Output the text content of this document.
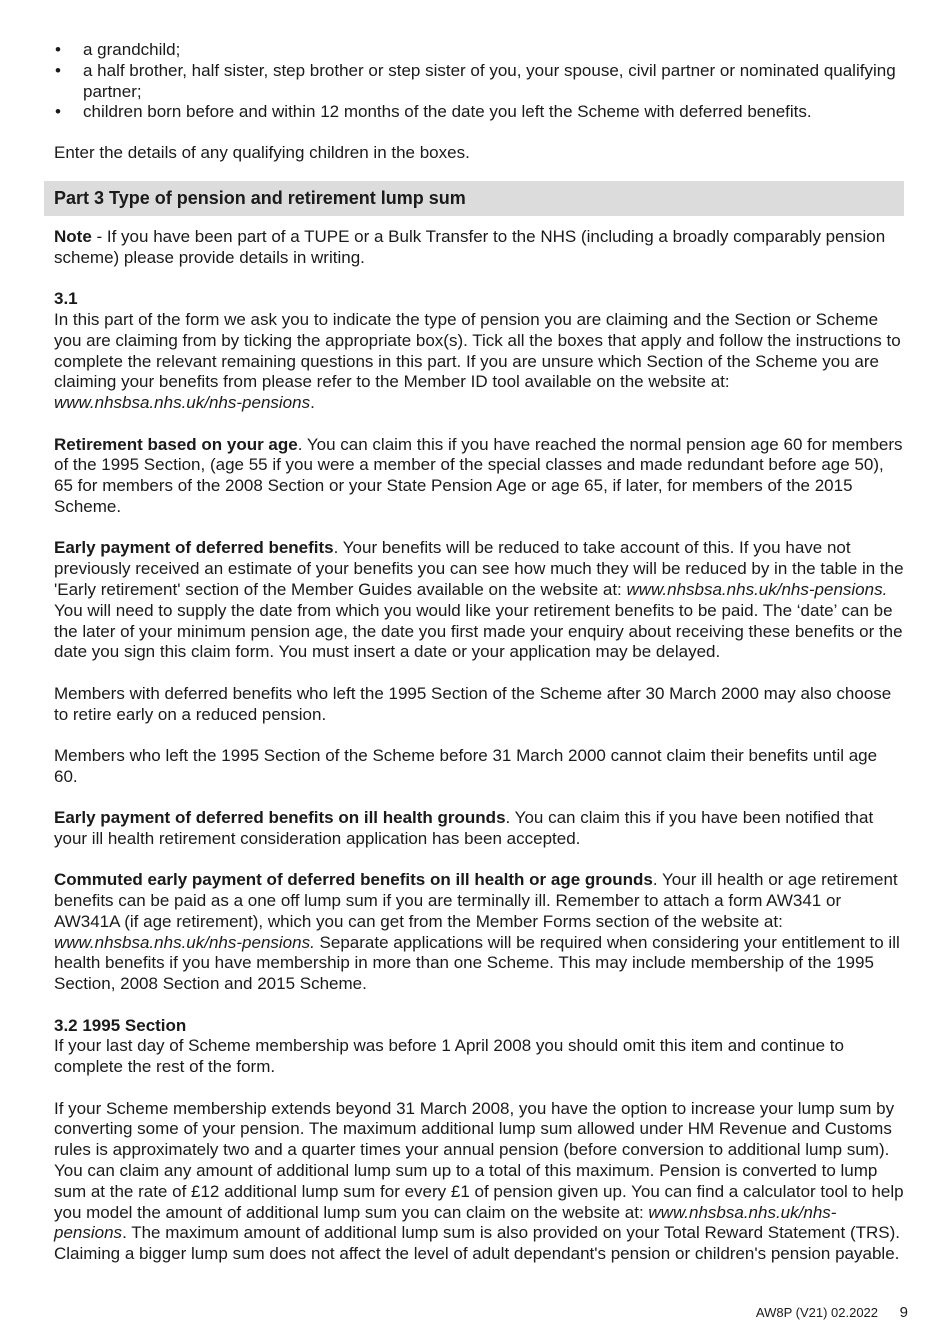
• a grandchild;
• a half brother, half sister, step brother or step sister of you, your spouse, civil partner or nominated qualifying partner;
• children born before and within 12 months of the date you left the Scheme with deferred benefits.

Enter the details of any qualifying children in the boxes.

Part 3 Type of pension and retirement lump sum

Note - If you have been part of a TUPE or a Bulk Transfer to the NHS (including a broadly comparably pension scheme) please provide details in writing.

3.1
In this part of the form we ask you to indicate the type of pension you are claiming and the Section or Scheme you are claiming from by ticking the appropriate box(s). Tick all the boxes that apply and follow the instructions to complete the relevant remaining questions in this part. If you are unsure which Section of the Scheme you are claiming your benefits from please refer to the Member ID tool available on the website at: www.nhsbsa.nhs.uk/nhs-pensions.

Retirement based on your age. You can claim this if you have reached the normal pension age 60 for members of the 1995 Section, (age 55 if you were a member of the special classes and made redundant before age 50), 65 for members of the 2008 Section or your State Pension Age or age 65, if later, for members of the 2015 Scheme.

Early payment of deferred benefits. Your benefits will be reduced to take account of this. If you have not previously received an estimate of your benefits you can see how much they will be reduced by in the table in the 'Early retirement' section of the Member Guides available on the website at: www.nhsbsa.nhs.uk/nhs-pensions. You will need to supply the date from which you would like your retirement benefits to be paid. The ‘date’ can be the later of your minimum pension age, the date you first made your enquiry about receiving these benefits or the date you sign this claim form. You must insert a date or your application may be delayed.

Members with deferred benefits who left the 1995 Section of the Scheme after 30 March 2000 may also choose to retire early on a reduced pension.

Members who left the 1995 Section of the Scheme before 31 March 2000 cannot claim their benefits until age 60.

Early payment of deferred benefits on ill health grounds. You can claim this if you have been notified that your ill health retirement consideration application has been accepted.

Commuted early payment of deferred benefits on ill health or age grounds. Your ill health or age retirement benefits can be paid as a one off lump sum if you are terminally ill. Remember to attach a form AW341 or AW341A (if age retirement), which you can get from the Member Forms section of the website at: www.nhsbsa.nhs.uk/nhs-pensions. Separate applications will be required when considering your entitlement to ill health benefits if you have membership in more than one Scheme. This may include membership of the 1995 Section, 2008 Section and 2015 Scheme.

3.2 1995 Section
If your last day of Scheme membership was before 1 April 2008 you should omit this item and continue to complete the rest of the form.

If your Scheme membership extends beyond 31 March 2008, you have the option to increase your lump sum by converting some of your pension. The maximum additional lump sum allowed under HM Revenue and Customs rules is approximately two and a quarter times your annual pension (before conversion to additional lump sum). You can claim any amount of additional lump sum up to a total of this maximum. Pension is converted to lump sum at the rate of £12 additional lump sum for every £1 of pension given up. You can find a calculator tool to help you model the amount of additional lump sum you can claim on the website at: www.nhsbsa.nhs.uk/nhs-pensions. The maximum amount of additional lump sum is also provided on your Total Reward Statement (TRS). Claiming a bigger lump sum does not affect the level of adult dependant's pension or children's pension payable.

AW8P (V21) 02.2022 9
